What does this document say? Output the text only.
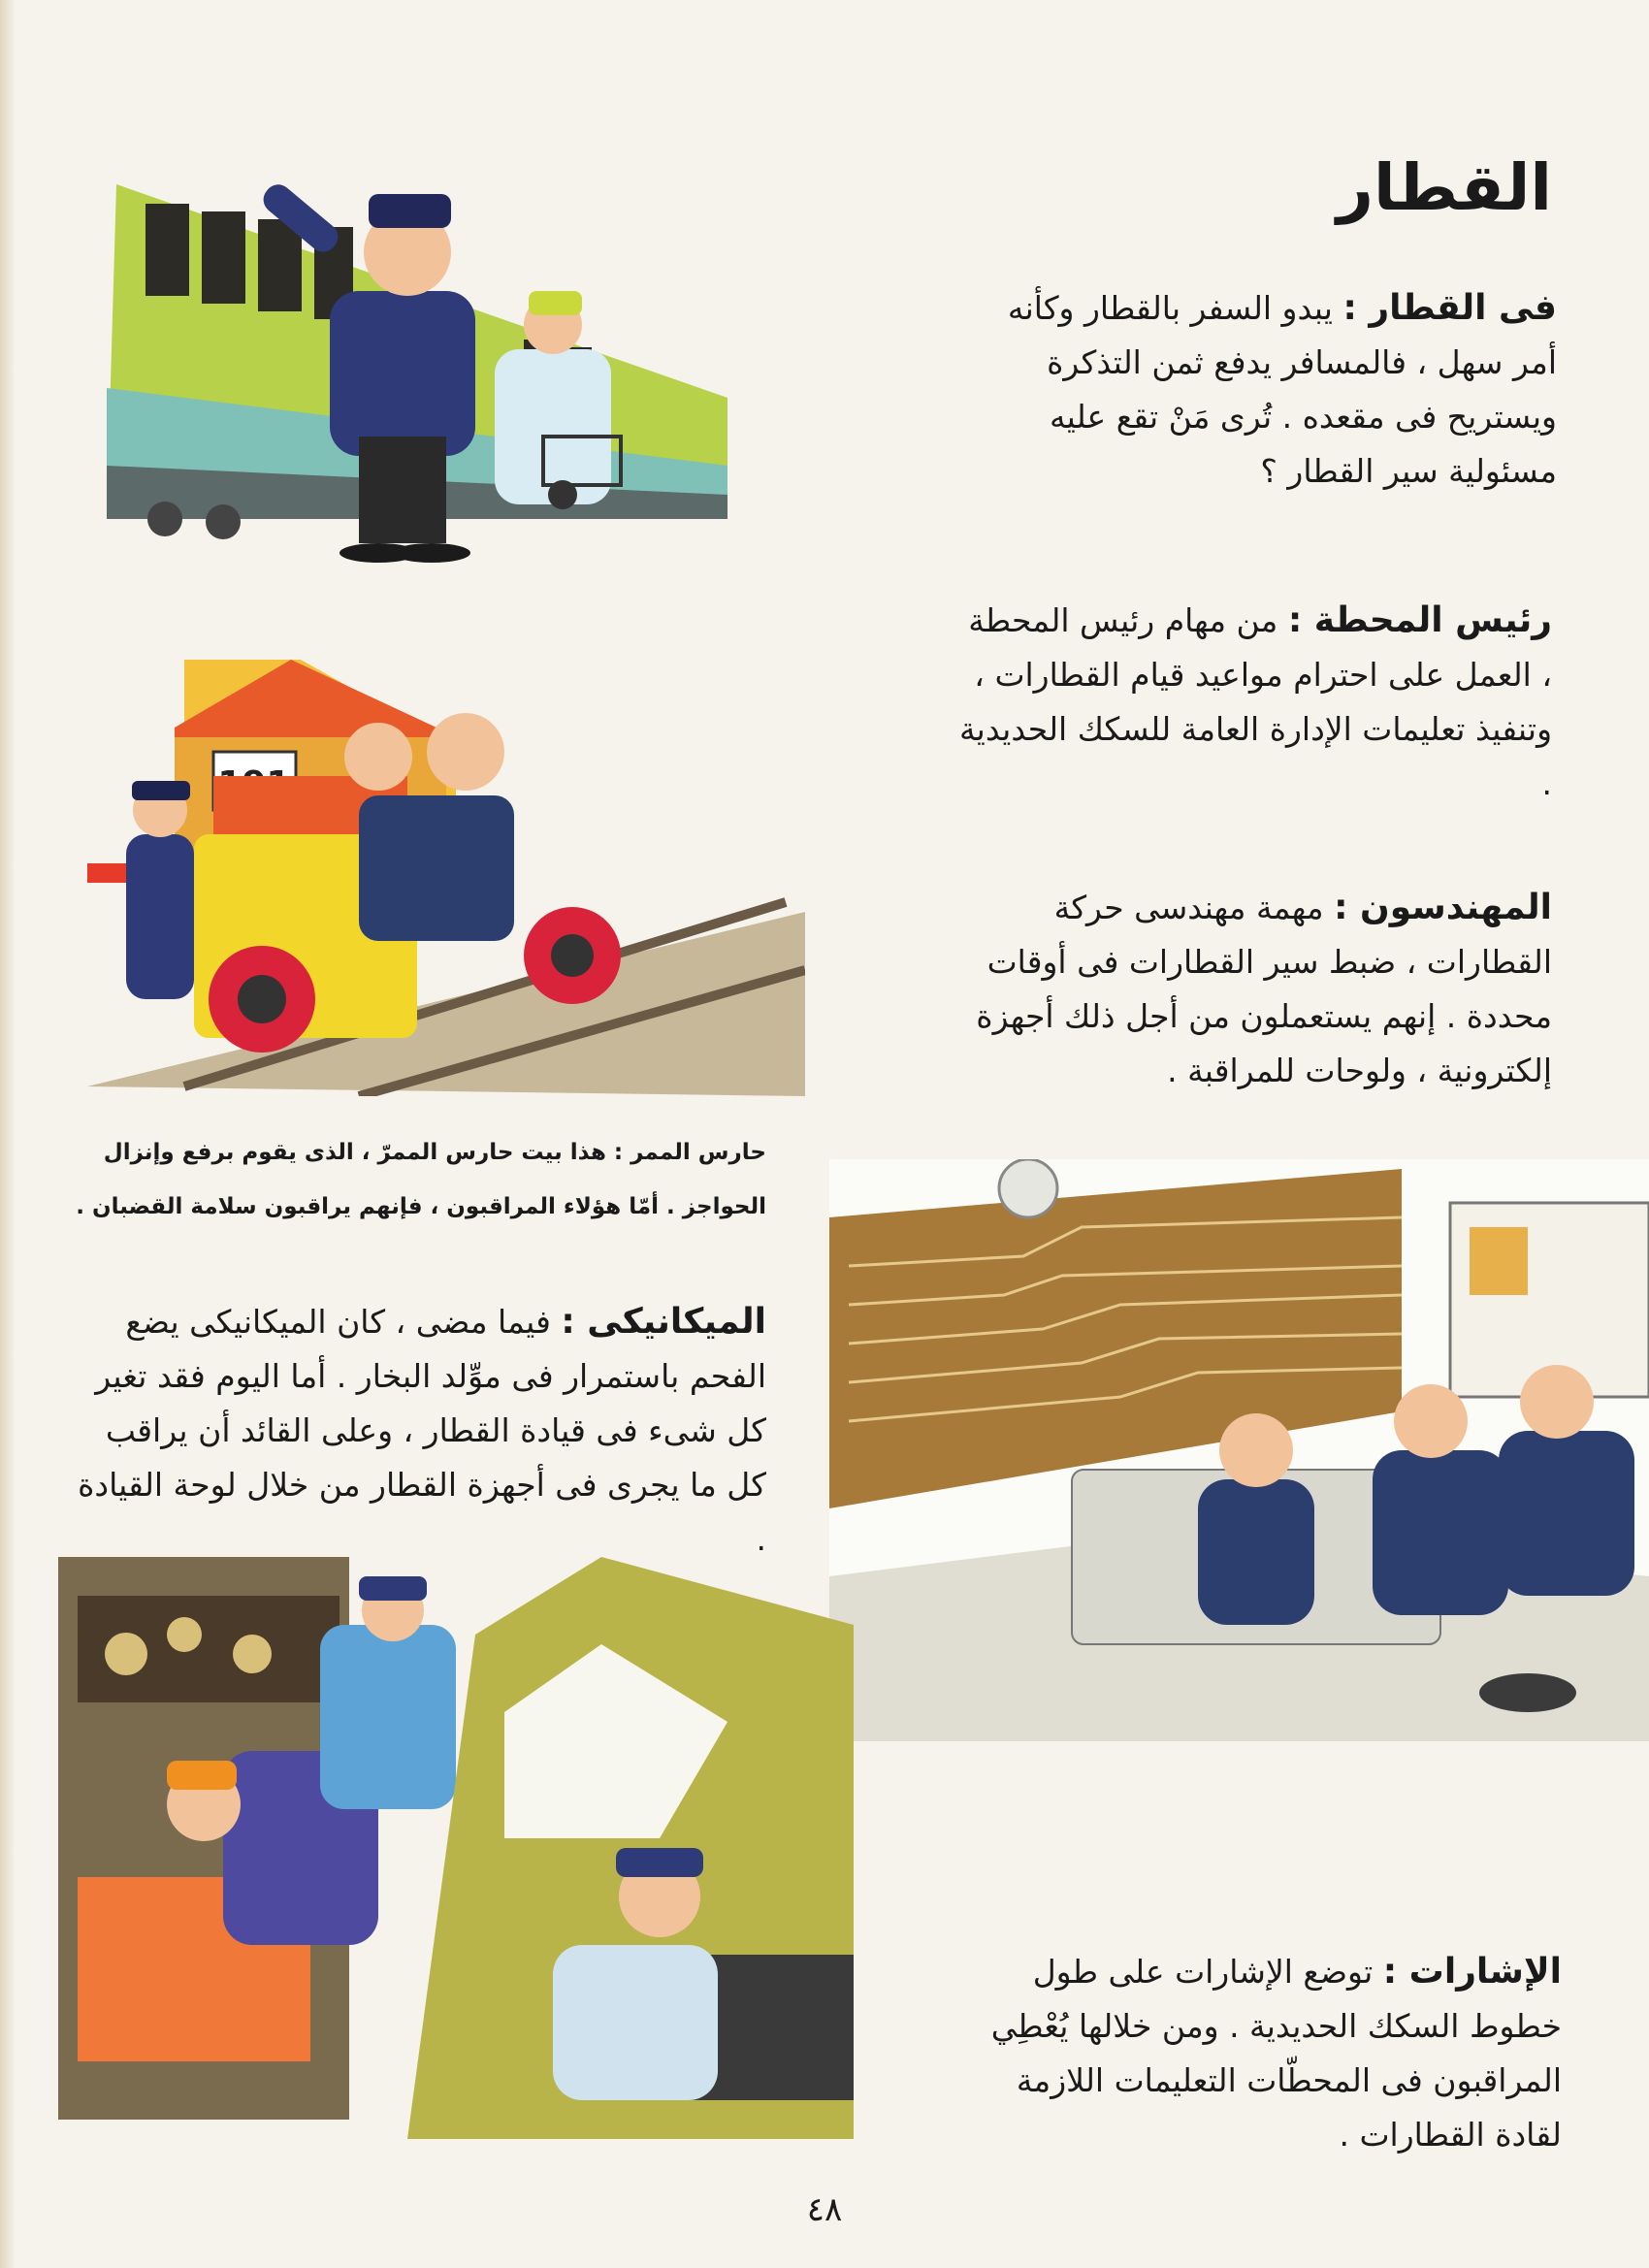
القطار
فى القطار : يبدو السفر بالقطار وكأنه أمر سهل ، فالمسافر يدفع ثمن التذكرة ويستريح فى مقعده . تُرى مَنْ تقع عليه مسئولية سير القطار ؟
رئيس المحطة : من مهام رئيس المحطة ، العمل على احترام مواعيد قيام القطارات ، وتنفيذ تعليمات الإدارة العامة للسكك الحديدية .
المهندسون : مهمة مهندسى حركة القطارات ، ضبط سير القطارات فى أوقات محددة . إنهم يستعملون من أجل ذلك أجهزة إلكترونية ، ولوحات للمراقبة .
حارس الممر : هذا بيت حارس الممرّ ، الذى يقوم برفع وإنزال الحواجز . أمّا هؤلاء المراقبون ، فإنهم يراقبون سلامة القضبان .
الميكانيكى : فيما مضى ، كان الميكانيكى يضع الفحم باستمرار فى موِّلد البخار . أما اليوم فقد تغير كل شىء فى قيادة القطار ، وعلى القائد أن يراقب كل ما يجرى فى أجهزة القطار من خلال لوحة القيادة .
الإشارات : توضع الإشارات على طول خطوط السكك الحديدية . ومن خلالها يُعْطِي المراقبون فى المحطّات التعليمات اللازمة لقادة القطارات .
٤٨
